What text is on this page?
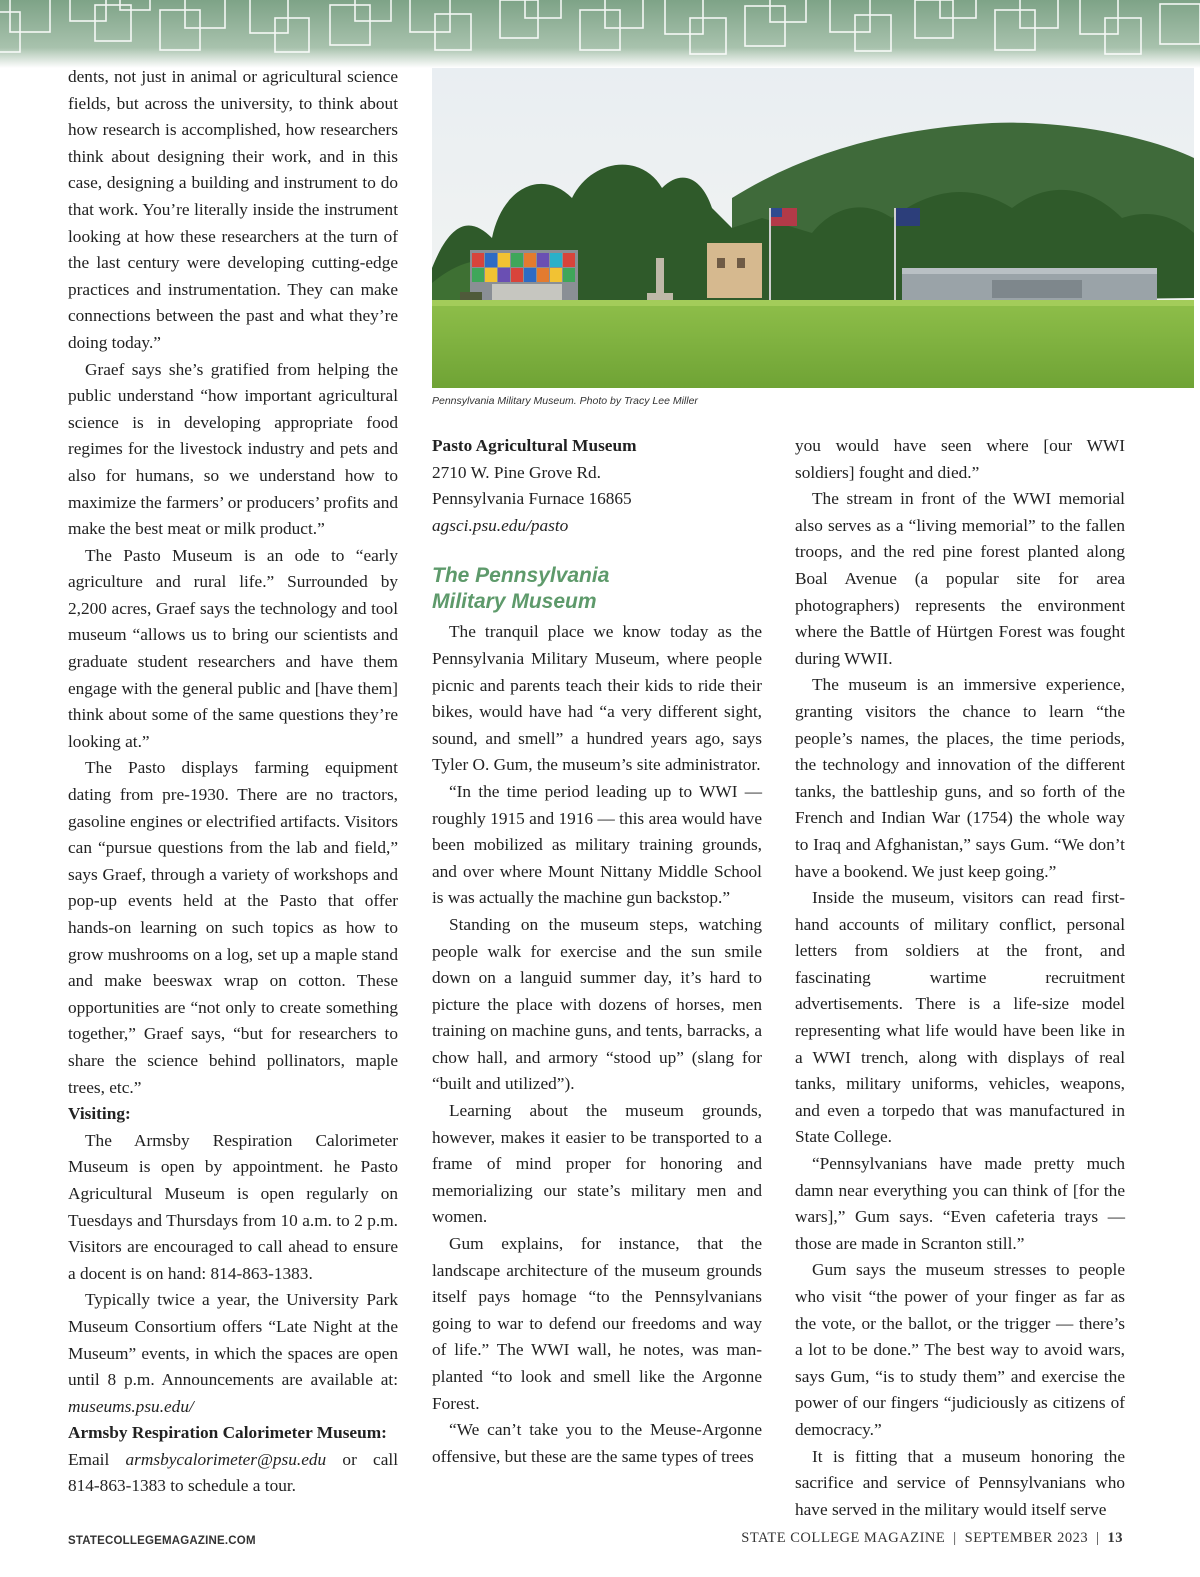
dents, not just in animal or agricultural science fields, but across the university, to think about how research is accomplished, how researchers think about designing their work, and in this case, designing a building and instrument to do that work. You’re literally inside the instrument looking at how these researchers at the turn of the last century were developing cutting-edge practices and instrumentation. They can make connections between the past and what they’re doing today.”

Graef says she’s gratified from helping the public understand “how important agricultural science is in developing appropriate food regimes for the livestock industry and pets and also for humans, so we understand how to maximize the farmers’ or producers’ profits and make the best meat or milk product.”

The Pasto Museum is an ode to “early agriculture and rural life.” Surrounded by 2,200 acres, Graef says the technology and tool museum “allows us to bring our scientists and graduate student researchers and have them engage with the general public and [have them] think about some of the same questions they’re looking at.”

The Pasto displays farming equipment dating from pre-1930. There are no tractors, gasoline engines or electrified artifacts. Visitors can “pursue questions from the lab and field,” says Graef, through a variety of workshops and pop-up events held at the Pasto that offer hands-on learning on such topics as how to grow mushrooms on a log, set up a maple stand and make beeswax wrap on cotton. These opportunities are “not only to create something together,” Graef says, “but for researchers to share the science behind pollinators, maple trees, etc.”

Visiting:

The Armsby Respiration Calorimeter Museum is open by appointment. he Pasto Agricultural Museum is open regularly on Tuesdays and Thursdays from 10 a.m. to 2 p.m. Visitors are encouraged to call ahead to ensure a docent is on hand: 814-863-1383.

Typically twice a year, the University Park Museum Consortium offers “Late Night at the Museum” events, in which the spaces are open until 8 p.m. Announcements are available at: museums.psu.edu/

Armsby Respiration Calorimeter Museum:

Email armsbycalorimeter@psu.edu or call 814-863-1383 to schedule a tour.

Pennsylvania Military Museum. Photo by Tracy Lee Miller

Pasto Agricultural Museum

2710 W. Pine Grove Rd.

Pennsylvania Furnace 16865

agsci.psu.edu/pasto

The Pennsylvania
Military Museum

The tranquil place we know today as the Pennsylvania Military Museum, where people picnic and parents teach their kids to ride their bikes, would have had “a very different sight, sound, and smell” a hundred years ago, says Tyler O. Gum, the museum’s site administrator.

“In the time period leading up to WWI — roughly 1915 and 1916 — this area would have been mobilized as military training grounds, and over where Mount Nittany Middle School is was actually the machine gun backstop.”

Standing on the museum steps, watching people walk for exercise and the sun smile down on a languid summer day, it’s hard to picture the place with dozens of horses, men training on machine guns, and tents, barracks, a chow hall, and armory “stood up” (slang for “built and utilized”).

Learning about the museum grounds, however, makes it easier to be transported to a frame of mind proper for honoring and memorializing our state’s military men and women.

Gum explains, for instance, that the landscape architecture of the museum grounds itself pays homage “to the Pennsylvanians going to war to defend our freedoms and way of life.” The WWI wall, he notes, was man-planted “to look and smell like the Argonne Forest.

“We can’t take you to the Meuse-Argonne offensive, but these are the same types of trees

you would have seen where [our WWI soldiers] fought and died.”

The stream in front of the WWI memorial also serves as a “living memorial” to the fallen troops, and the red pine forest planted along Boal Avenue (a popular site for area photographers) represents the environment where the Battle of Hürtgen Forest was fought during WWII.

The museum is an immersive experience, granting visitors the chance to learn “the people’s names, the places, the time periods, the technology and innovation of the different tanks, the battleship guns, and so forth of the French and Indian War (1754) the whole way to Iraq and Afghanistan,” says Gum. “We don’t have a bookend. We just keep going.”

Inside the museum, visitors can read first-hand accounts of military conflict, personal letters from soldiers at the front, and fascinating wartime recruitment advertisements. There is a life-size model representing what life would have been like in a WWI trench, along with displays of real tanks, military uniforms, vehicles, weapons, and even a torpedo that was manufactured in State College.

“Pennsylvanians have made pretty much damn near everything you can think of [for the wars],” Gum says. “Even cafeteria trays — those are made in Scranton still.”

Gum says the museum stresses to people who visit “the power of your finger as far as the vote, or the ballot, or the trigger — there’s a lot to be done.” The best way to avoid wars, says Gum, “is to study them” and exercise the power of our fingers “judiciously as citizens of democracy.”

It is fitting that a museum honoring the sacrifice and service of Pennsylvanians who have served in the military would itself serve

STATECOLLEGEMAGAZINE.COM	STATE COLLEGE MAGAZINE | SEPTEMBER 2023 | 13
